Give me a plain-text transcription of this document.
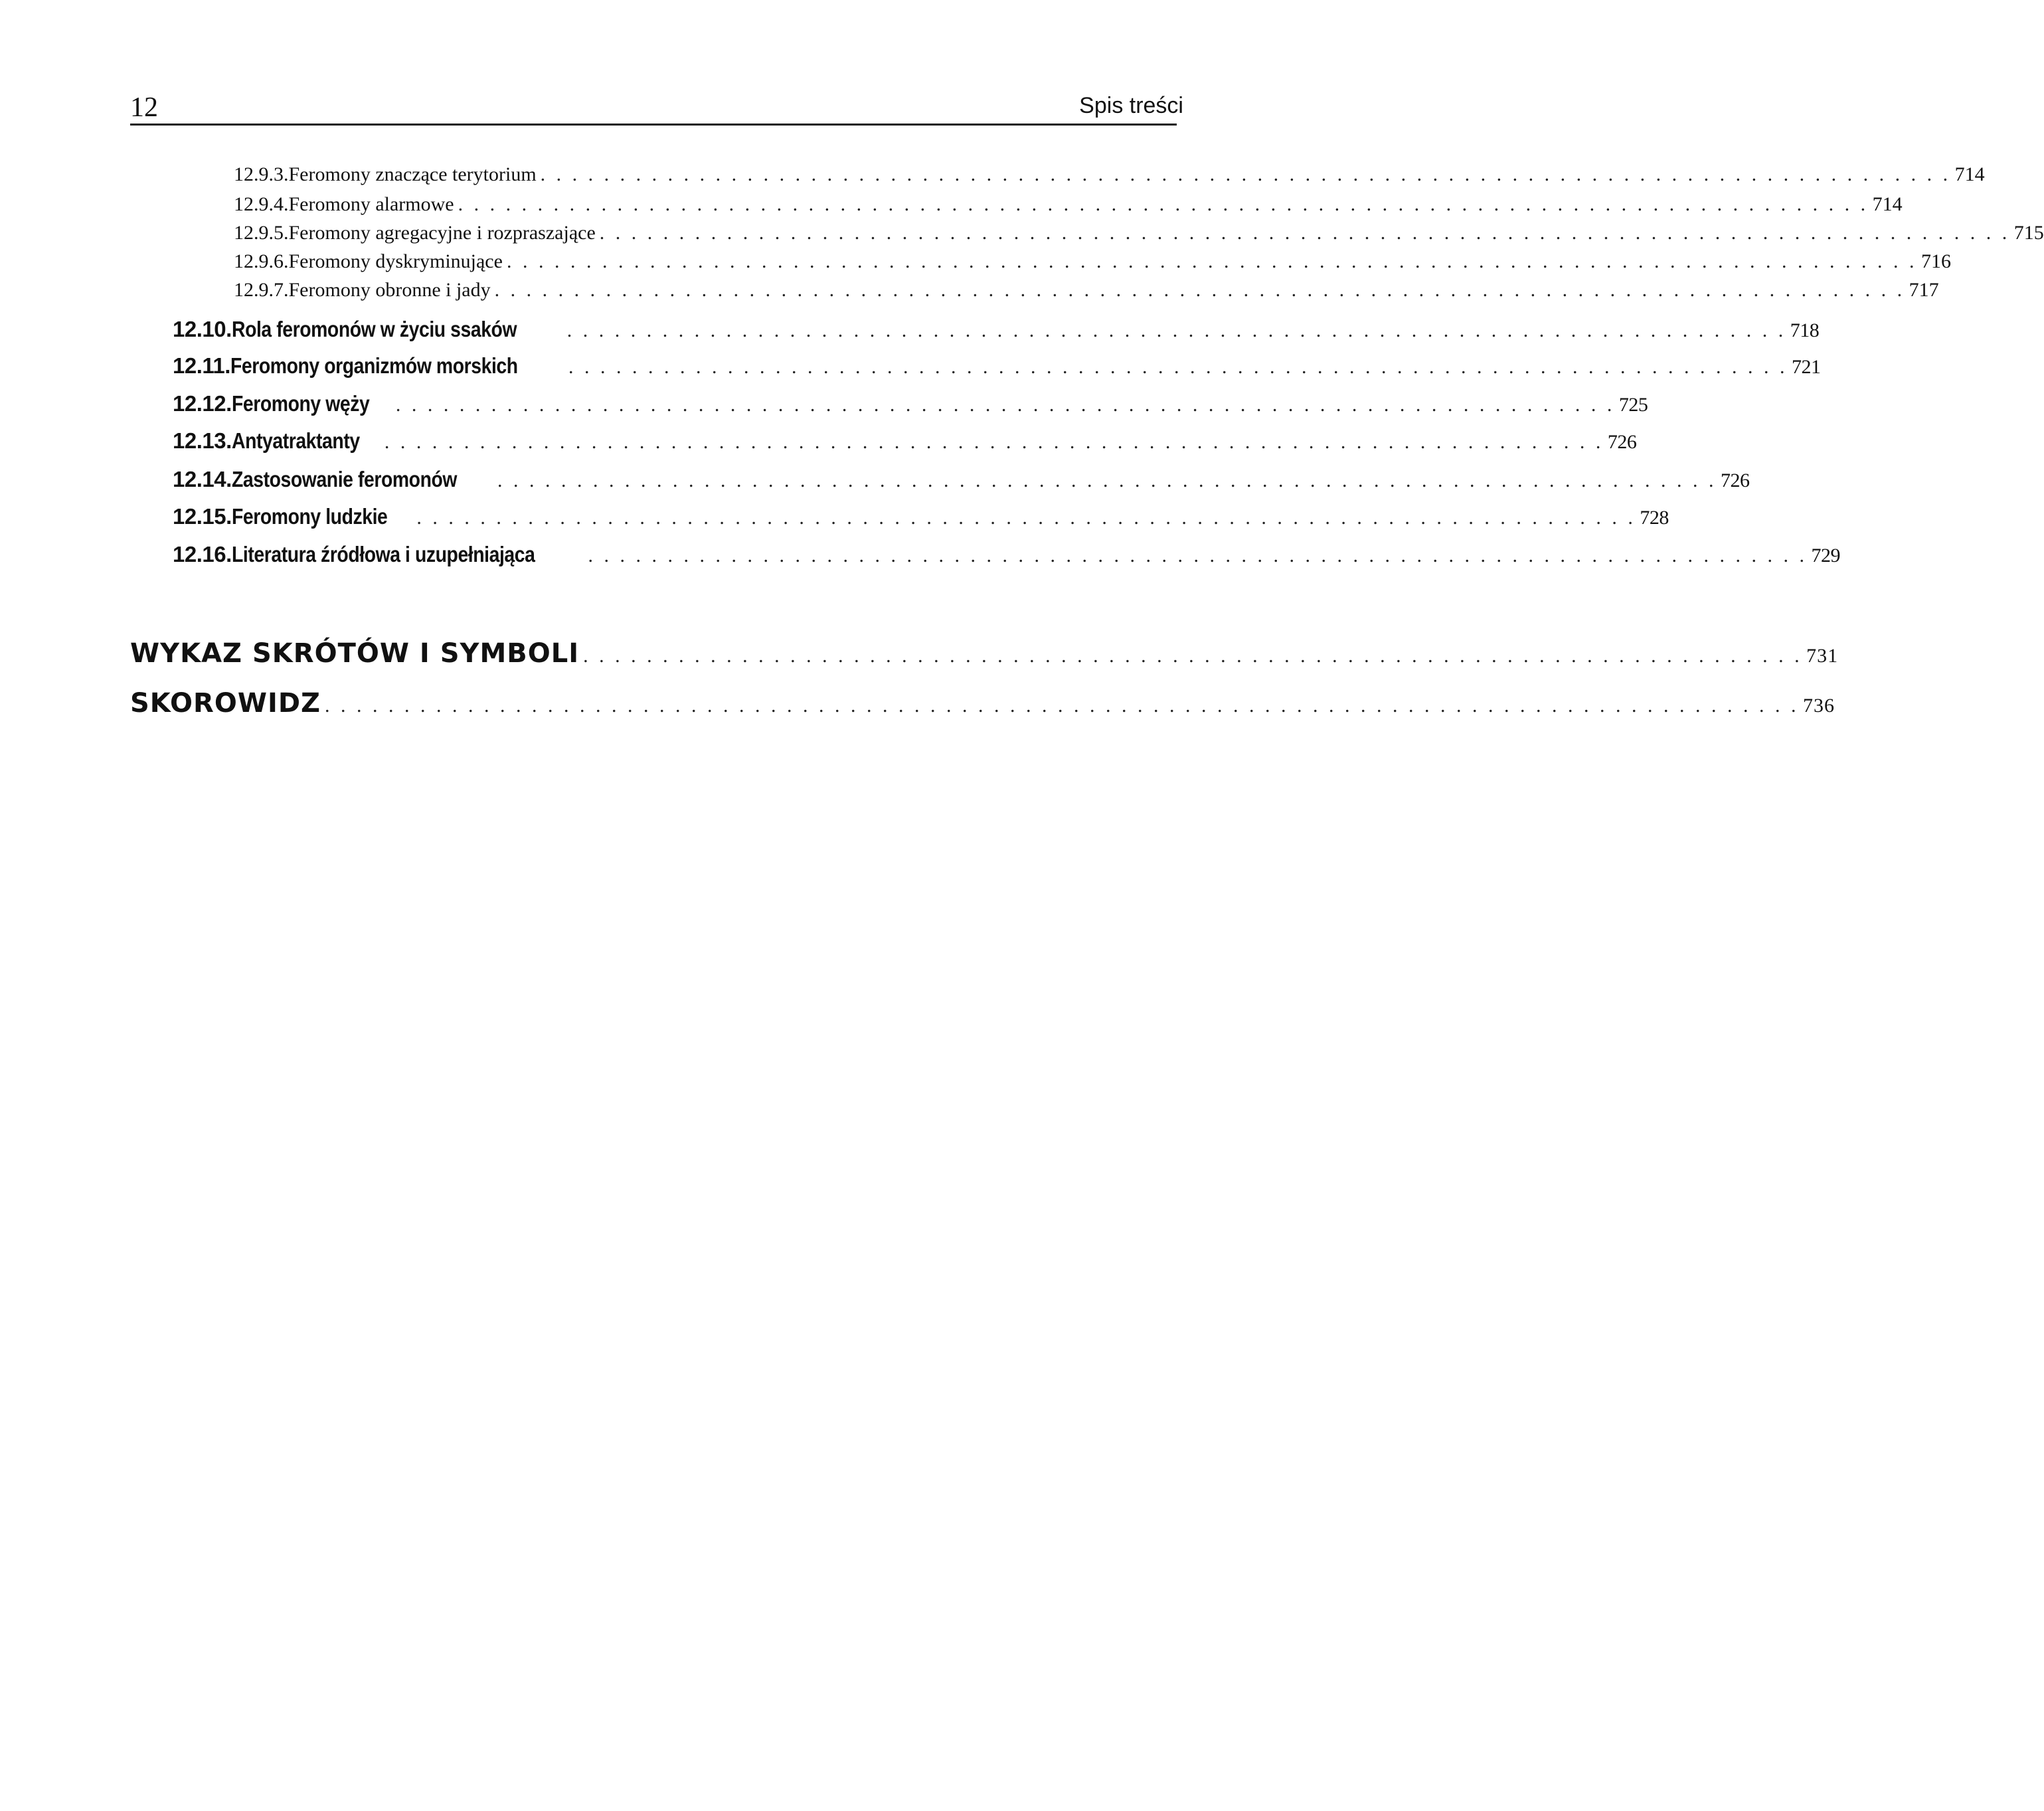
12	Spis treści
12.9.3. Feromony znaczące terytorium . . . . . . . . . . . . . . . . . . . . . . . . . . . . . . . . . . . . . . . . . . . . . . . . . . . . . . . . . . . . . . . . . . . . . . . . . . . . . . . . . . . . . . . . . 714
12.9.4. Feromony alarmowe . . . . . . . . . . . . . . . . . . . . . . . . . . . . . . . . . . . . . . . . . . . . . . . . . . . . . . . . . . . . . . . . . . . . . . . . . . . . . . . . . . . . . . . . . 714
12.9.5. Feromony agregacyjne i rozpraszające . . . . . . . . . . . . . . . . . . . . . . . . . . . . . . . . . . . . . . . . . . . . . . . . . . . . . . . . . . . . . . . . . . . . . . . . . . . . . . . . . . . . . . . . . 715
12.9.6. Feromony dyskryminujące . . . . . . . . . . . . . . . . . . . . . . . . . . . . . . . . . . . . . . . . . . . . . . . . . . . . . . . . . . . . . . . . . . . . . . . . . . . . . . . . . . . . . . . . . 716
12.9.7. Feromony obronne i jady . . . . . . . . . . . . . . . . . . . . . . . . . . . . . . . . . . . . . . . . . . . . . . . . . . . . . . . . . . . . . . . . . . . . . . . . . . . . . . . . . . . . . . . . . 717
12.10. Rola feromonów w życiu ssaków	. . . . . . . . . . . . . . . . . . . . . . . . . . . . . . . . . . . . . . . . . . . . . . . . . . . . . . . . . . . . . . . . . . . . . . . . . . . . . 718
12.11. Feromony organizmów morskich	. . . . . . . . . . . . . . . . . . . . . . . . . . . . . . . . . . . . . . . . . . . . . . . . . . . . . . . . . . . . . . . . . . . . . . . . . . . . . 721
12.12. Feromony węży . . . . . . . . . . . . . . . . . . . . . . . . . . . . . . . . . . . . . . . . . . . . . . . . . . . . . . . . . . . . . . . . . . . . . . . . . . . . . 725
12.13. Antyatraktanty . . . . . . . . . . . . . . . . . . . . . . . . . . . . . . . . . . . . . . . . . . . . . . . . . . . . . . . . . . . . . . . . . . . . . . . . . . . . . 726
12.14. Zastosowanie feromonów . . . . . . . . . . . . . . . . . . . . . . . . . . . . . . . . . . . . . . . . . . . . . . . . . . . . . . . . . . . . . . . . . . . . . . . . . . . . . 726
12.15. Feromony ludzkie . . . . . . . . . . . . . . . . . . . . . . . . . . . . . . . . . . . . . . . . . . . . . . . . . . . . . . . . . . . . . . . . . . . . . . . . . . . . . 728
12.16. Literatura źródłowa i uzupełniająca	. . . . . . . . . . . . . . . . . . . . . . . . . . . . . . . . . . . . . . . . . . . . . . . . . . . . . . . . . . . . . . . . . . . . . . . . . . . . . 729
WYKAZ SKRÓTÓW I SYMBOLI . . . . . . . . . . . . . . . . . . . . . . . . . . . . . . . . . . . . . . . . . . . . . . . . . . . . . . . . . . . . . . . . . . . . . . . . . . . . . 731
SKOROWIDZ . . . . . . . . . . . . . . . . . . . . . . . . . . . . . . . . . . . . . . . . . . . . . . . . . . . . . . . . . . . . . . . . . . . . . . . . . . . . . . . . . . . . . . . . . . . . . 736
